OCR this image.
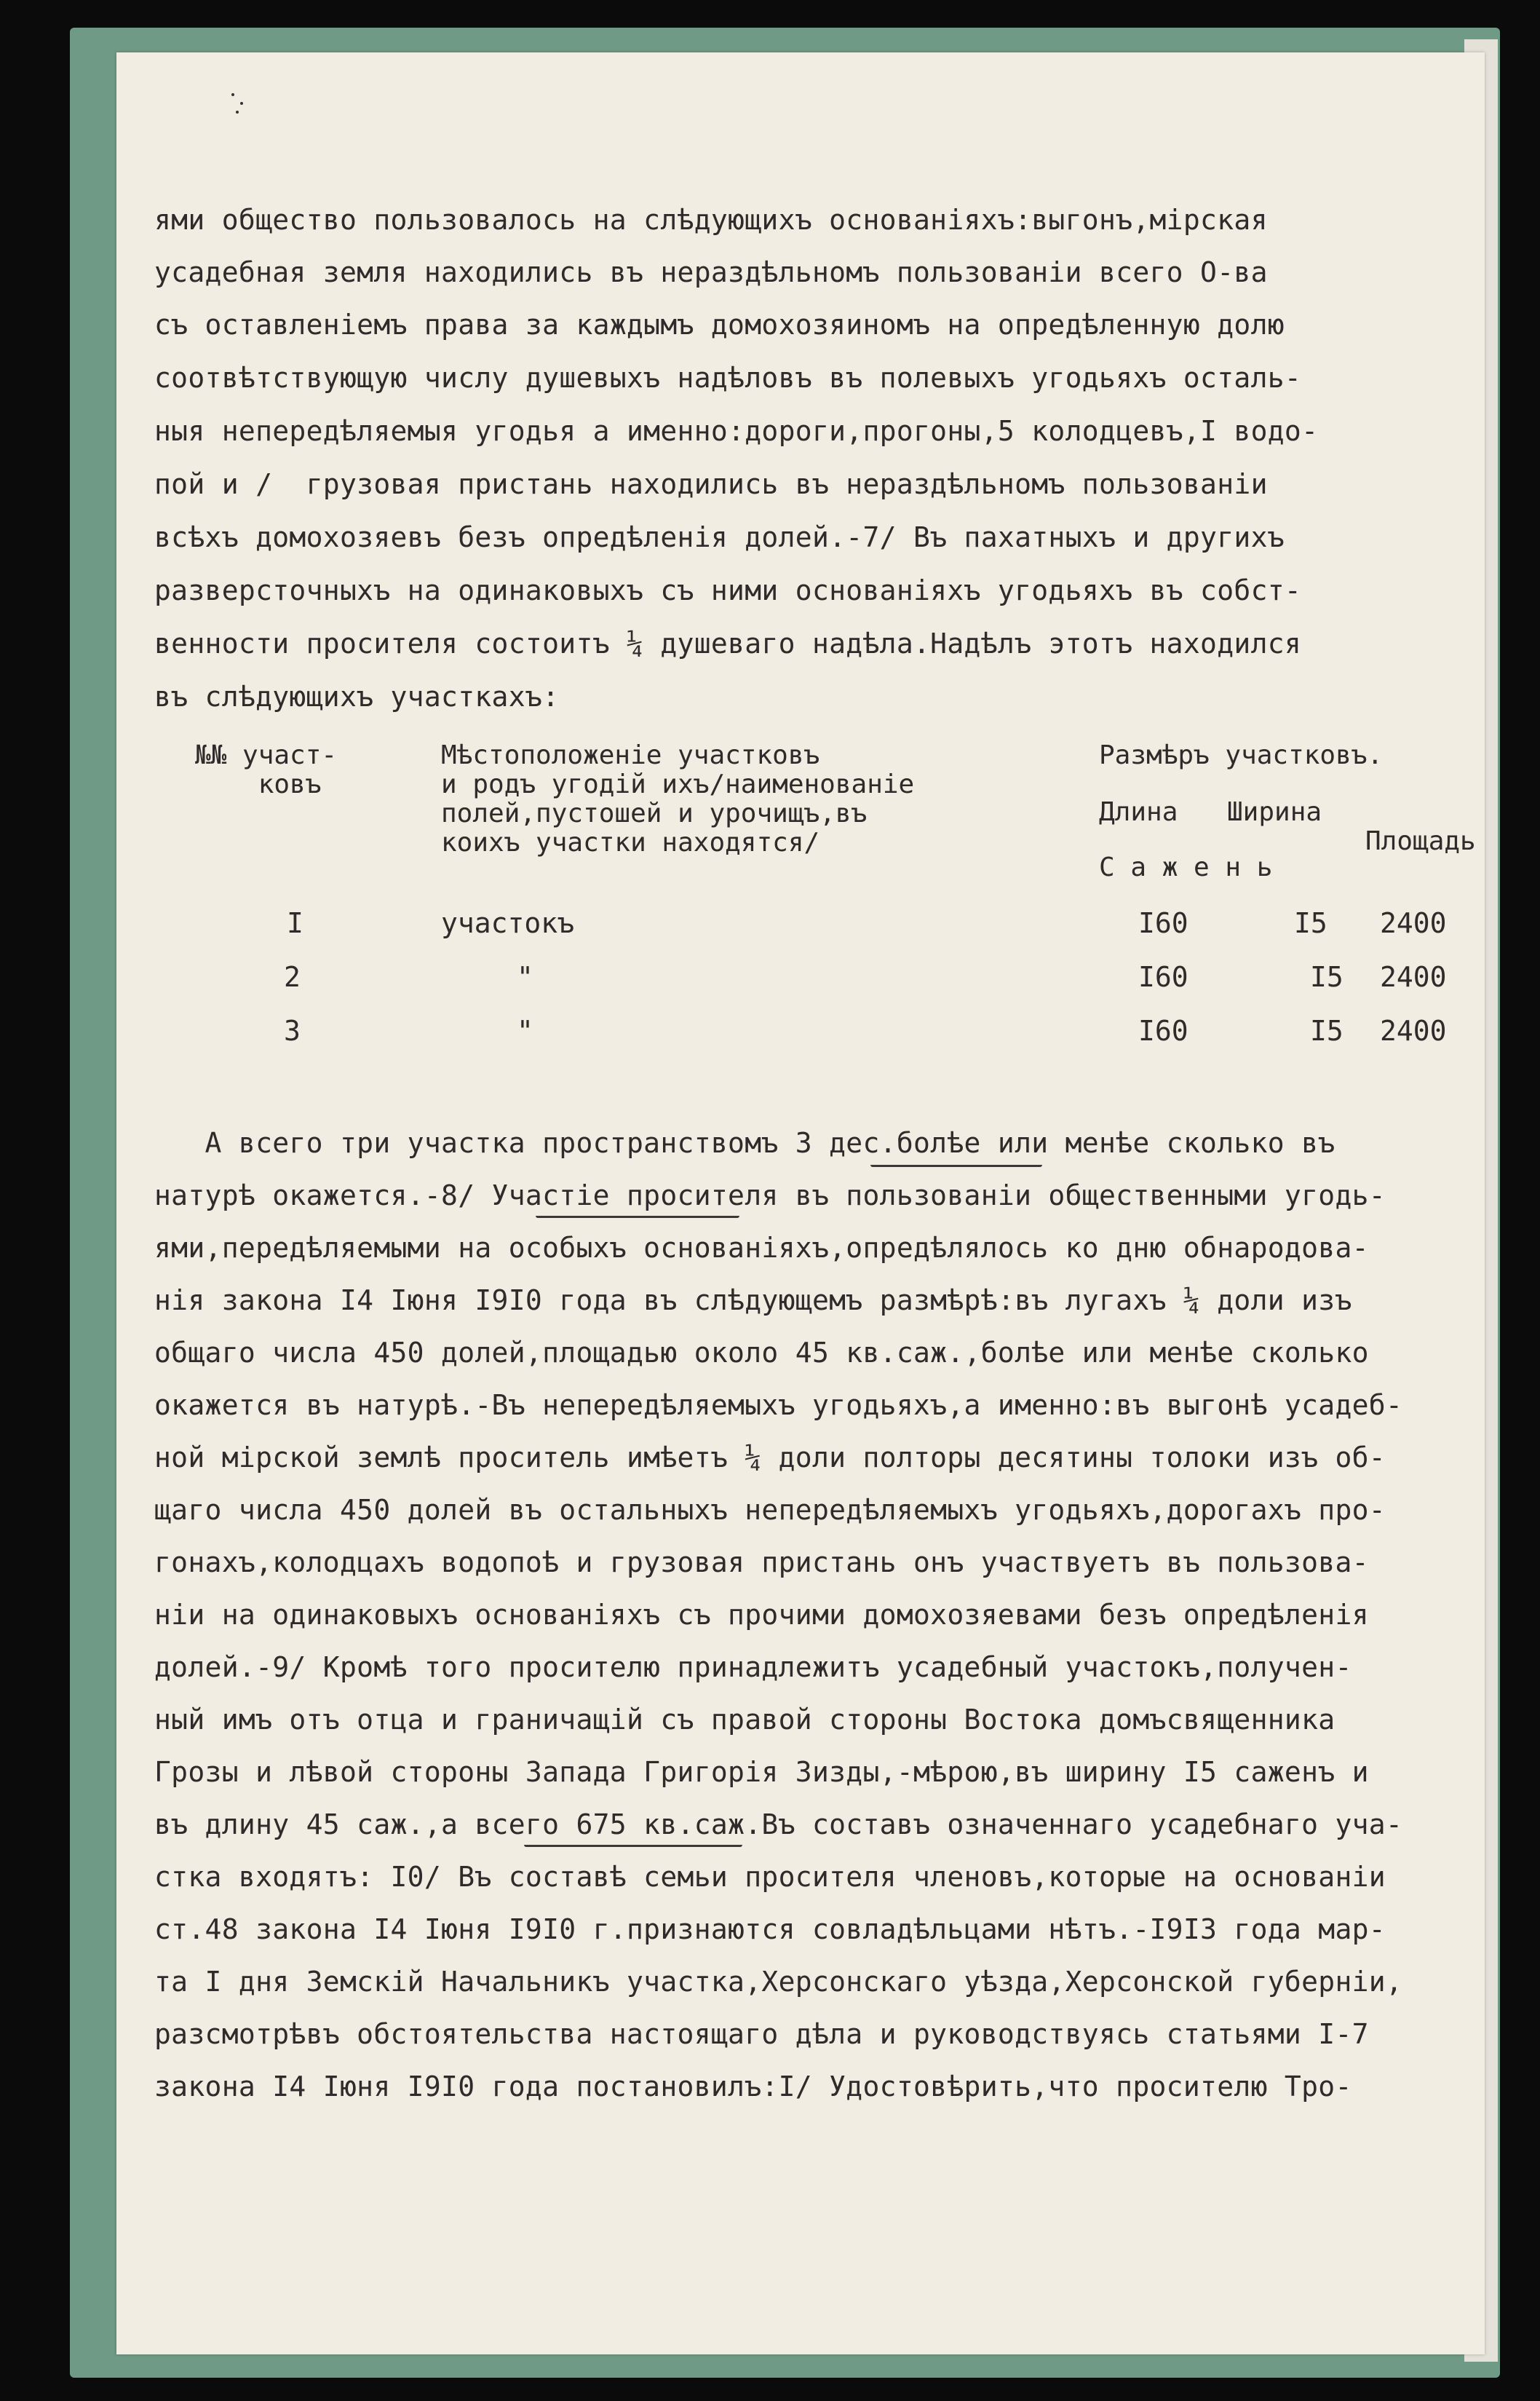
ями общество пользовалось на слѣдующихъ основаніяхъ:выгонъ,мірская
усадебная земля находились въ нераздѣльномъ пользованіи всего О-ва
съ оставленіемъ права за каждымъ домохозяиномъ на опредѣленную долю
соотвѣтствующую числу душевыхъ надѣловъ въ полевыхъ угодьяхъ осталь-
ныя непередѣляемыя угодья а именно:дороги,прогоны,5 колодцевъ,I водо-
пой и /  грузовая пристань находились въ нераздѣльномъ пользованіи
всѣхъ домохозяевъ безъ опредѣленія долей.-7/ Въ пахатныхъ и другихъ
разверсточныхъ на одинаковыхъ съ ними основаніяхъ угодьяхъ въ собст-
венности просителя состоитъ ¼ душеваго надѣла.Надѣлъ этотъ находился
въ слѣдующихъ участкахъ:
№№ участ-
ковъ
Мѣстоположеніе участковъ
и родъ угодій ихъ/наименованіе
полей,пустошей и урочищъ,въ
коихъ участки находятся/
Размѣръ участковъ.
Длина Ширина
Площадь
С а ж е н ь
I	участокъ	I60	I5 2400
2	"	I60	I5 2400
3	"	I60	I5 2400
А всего три участка пространствомъ 3 дес.болѣе или менѣе сколько въ
натурѣ окажется.-8/ Участіе просителя въ пользованіи общественными угодь-
ями,передѣляемыми на особыхъ основаніяхъ,опредѣлялось ко дню обнародова-
нія закона I4 Іюня I9I0 года въ слѣдующемъ размѣрѣ:въ лугахъ ¼ доли изъ
общаго числа 450 долей,площадью около 45 кв.саж.,болѣе или менѣе сколько
окажется въ натурѣ.-Въ непередѣляемыхъ угодьяхъ,а именно:въ выгонѣ усадеб-
ной мірской землѣ проситель имѣетъ ¼ доли полторы десятины толоки изъ об-
щаго числа 450 долей въ остальныхъ непередѣляемыхъ угодьяхъ,дорогахъ про-
гонахъ,колодцахъ водопоѣ и грузовая пристань онъ участвуетъ въ пользова-
ніи на одинаковыхъ основаніяхъ съ прочими домохозяевами безъ опредѣленія
долей.-9/ Кромѣ того просителю принадлежитъ усадебный участокъ,получен-
ный имъ отъ отца и граничащій съ правой стороны Востока домъсвященника
Грозы и лѣвой стороны Запада Григорія Зизды,-мѣрою,въ ширину I5 саженъ и
въ длину 45 саж.,а всего 675 кв.саж.Въ составъ означеннаго усадебнаго уча-
стка входятъ: I0/ Въ составѣ семьи просителя членовъ,которые на основаніи
ст.48 закона I4 Іюня I9I0 г.признаются совладѣльцами нѣтъ.-I9I3 года мар-
та I дня Земскій Начальникъ участка,Херсонскаго уѣзда,Херсонской губерніи,
разсмотрѣвъ обстоятельства настоящаго дѣла и руководствуясь статьями I-7
закона I4 Іюня I9I0 года постановилъ:I/ Удостовѣрить,что просителю Тро-
